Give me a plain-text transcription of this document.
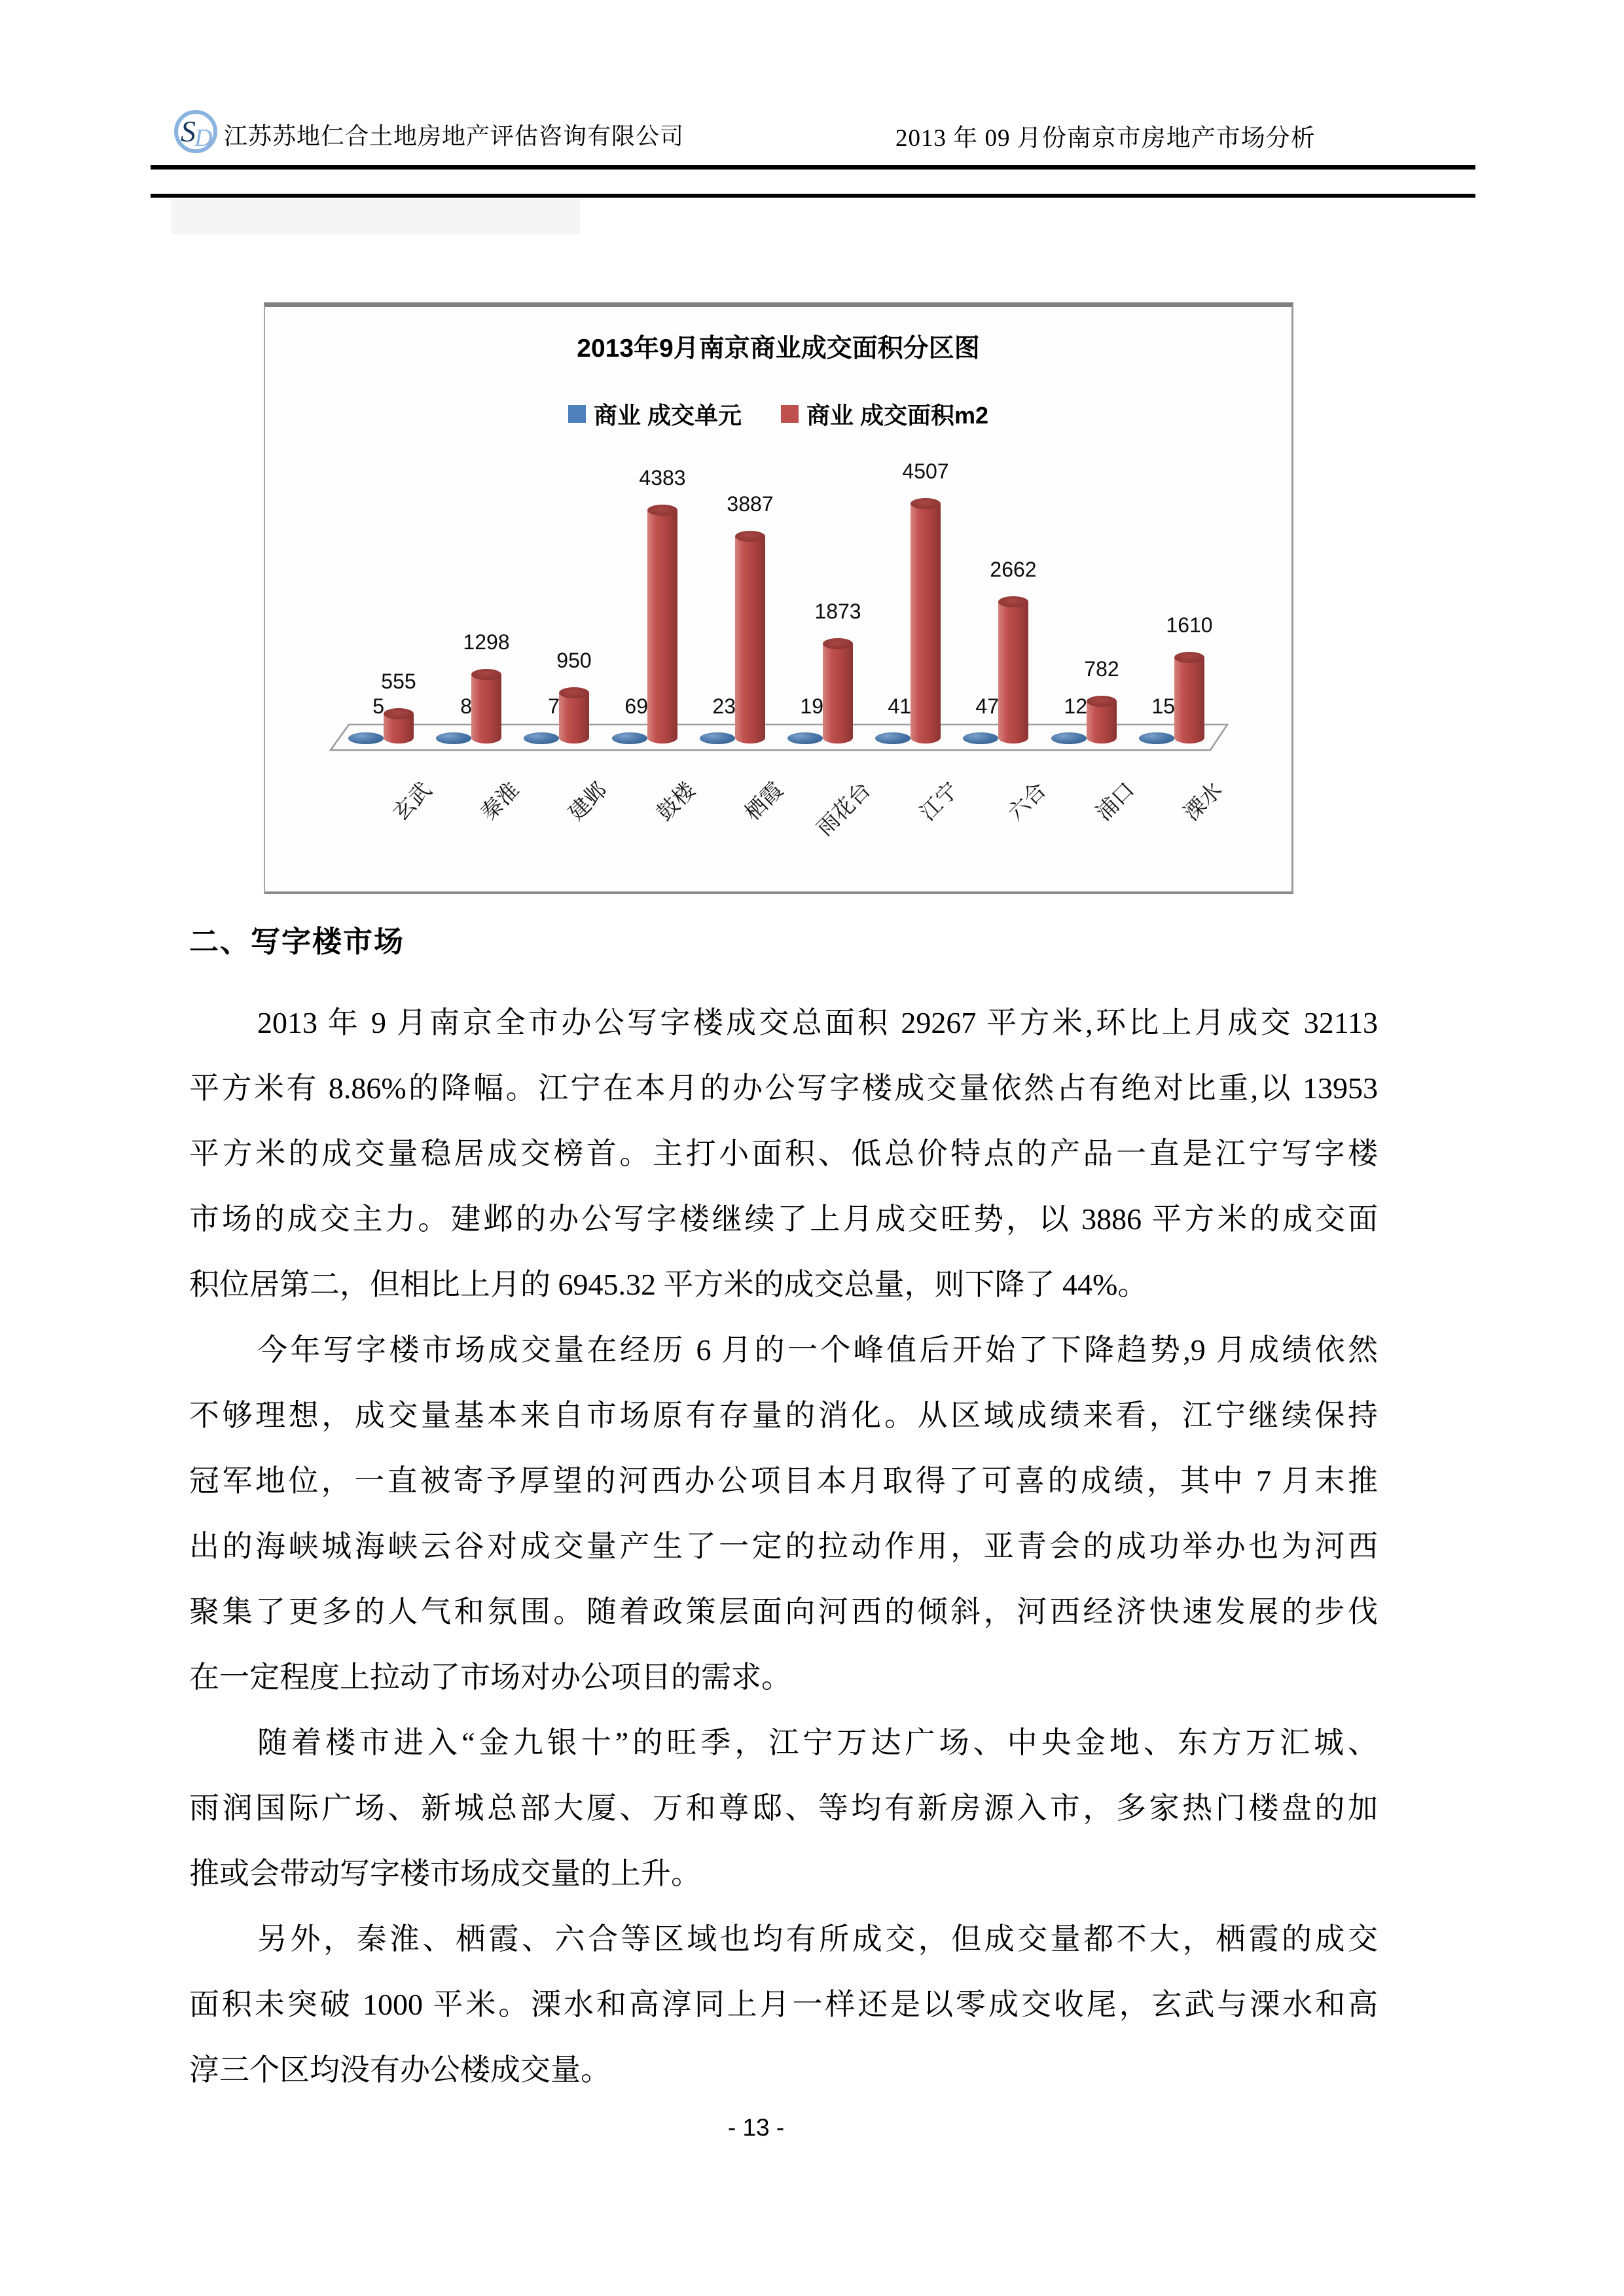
S
D 江苏苏地仁合土地房地产评估咨询有限公司	2013 年 09 月份南京市房地产市场分析
2013年9月南京商业成交面积分区图
商业 成交单元	商业 成交面积m2
555
5
玄武
1298
8
秦淮
950
7
建邺
4383
69
鼓楼
3887
23
栖霞
1873
19
雨花台
4507
41
江宁
2662
47
六合
782
12
浦口
1610
15
溧水
二、写字楼市场
2013 年 9 月南京全市办公写字楼成交总面积 29267 平方米,环比上月成交 32113
平方米有 8.86%的降幅。江宁在本月的办公写字楼成交量依然占有绝对比重,以 13953
平方米的成交量稳居成交榜首。主打小面积、低总价特点的产品一直是江宁写字楼
市场的成交主力。建邺的办公写字楼继续了上月成交旺势，以 3886 平方米的成交面
积位居第二，但相比上月的 6945.32 平方米的成交总量，则下降了 44%。
今年写字楼市场成交量在经历 6 月的一个峰值后开始了下降趋势,9 月成绩依然
不够理想，成交量基本来自市场原有存量的消化。从区域成绩来看，江宁继续保持
冠军地位，一直被寄予厚望的河西办公项目本月取得了可喜的成绩，其中 7 月末推
出的海峡城海峡云谷对成交量产生了一定的拉动作用，亚青会的成功举办也为河西
聚集了更多的人气和氛围。随着政策层面向河西的倾斜，河西经济快速发展的步伐
在一定程度上拉动了市场对办公项目的需求。
随着楼市进入“金九银十”的旺季，江宁万达广场、中央金地、东方万汇城、
雨润国际广场、新城总部大厦、万和尊邸、等均有新房源入市，多家热门楼盘的加
推或会带动写字楼市场成交量的上升。
另外，秦淮、栖霞、六合等区域也均有所成交，但成交量都不大，栖霞的成交
面积未突破 1000 平米。溧水和高淳同上月一样还是以零成交收尾，玄武与溧水和高
淳三个区均没有办公楼成交量。
- 13 -
